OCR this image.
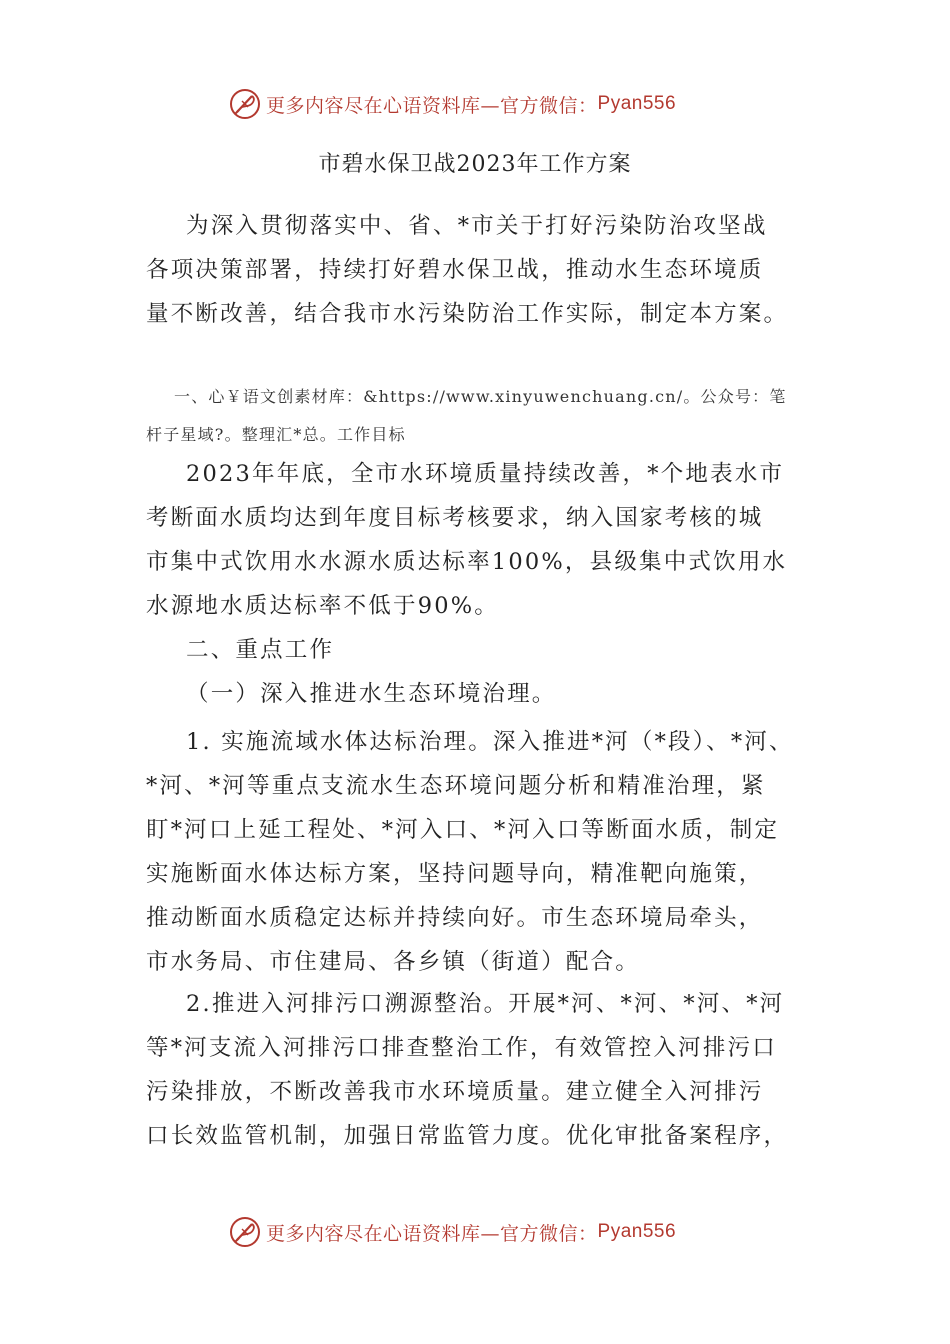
更多内容尽在心语资料库 —官方微信： Pyan556
市碧水保卫战2023年工作方案
为深入贯彻落实中、省、*市关于打好污染防治攻坚战
各项决策部署，持续打好碧水保卫战，推动水生态环境质
量不断改善，结合我市水污染防治工作实际，制定本方案。
一、心￥语文创素材库：&https://www.xinyuwenchuang.cn/。公众号：笔
杆子星域?。整理汇*总。工作目标
2023年年底，全市水环境质量持续改善，*个地表水市
考断面水质均达到年度目标考核要求，纳入国家考核的城
市集中式饮用水水源水质达标率100%，县级集中式饮用水
水源地水质达标率不低于90%。
二、重点工作
（一）深入推进水生态环境治理。
1. 实施流域水体达标治理。深入推进*河（*段）、*河、
*河、*河等重点支流水生态环境问题分析和精准治理，紧
盯*河口上延工程处、*河入口、*河入口等断面水质，制定
实施断面水体达标方案，坚持问题导向，精准靶向施策，
推动断面水质稳定达标并持续向好。市生态环境局牵头，
市水务局、市住建局、各乡镇（街道）配合。
2.推进入河排污口溯源整治。开展*河、*河、*河、*河
等*河支流入河排污口排查整治工作，有效管控入河排污口
污染排放，不断改善我市水环境质量。建立健全入河排污
口长效监管机制，加强日常监管力度。优化审批备案程序，
更多内容尽在心语资料库 —官方微信： Pyan556
